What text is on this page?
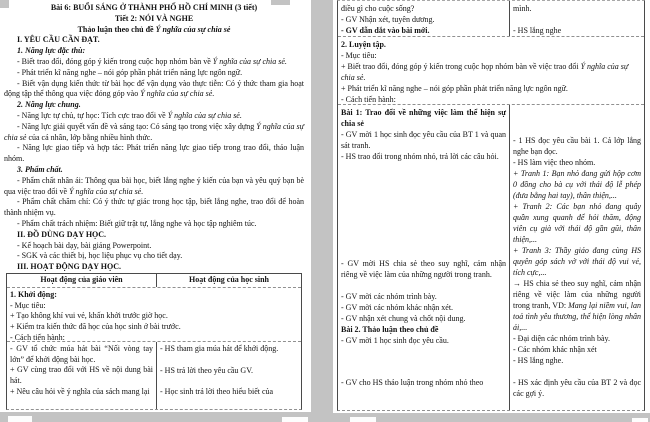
Bài 6: BUỔI SÁNG Ở THÀNH PHỐ HỒ CHÍ MINH (3 tiết)

Tiết 2: NÓI VÀ NGHE

Thảo luận theo chủ đề Ý nghĩa của sự chia sẻ

I. YÊU CẦU CẦN ĐẠT.

1. Năng lực đặc thù:

- Biết trao đổi, đóng góp ý kiến trong cuộc họp nhóm bàn về Ý nghĩa của sự chia sẻ.

- Phát triển kĩ năng nghe – nói góp phần phát triển năng lực ngôn ngữ.

- Biết vận dụng kiến thức từ bài học để vận dụng vào thực tiễn: Có ý thức tham gia hoạt động tập thể thông qua việc đóng góp vào Ý nghĩa của sự chia sẻ.

2. Năng lực chung.

- Năng lực tự chủ, tự học: Tích cực trao đổi về Ý nghĩa của sự chia sẻ.

- Năng lực giải quyết vấn đề và sáng tạo: Có sáng tạo trong việc xây dựng Ý nghĩa của sự chia sẻ của cá nhân, lớp bằng nhiều hình thức.

- Năng lực giao tiếp và hợp tác: Phát triển năng lực giao tiếp trong trao đổi, thảo luận nhóm.

3. Phẩm chất.

- Phẩm chất nhân ái: Thông qua bài học, biết lắng nghe ý kiến của bạn và yêu quý bạn bè qua việc trao đổi về Ý nghĩa của sự chia sẻ.

- Phẩm chất chăm chỉ: Có ý thức tự giác trong học tập, biết lắng nghe, trao đổi để hoàn thành nhiệm vụ.

- Phẩm chất trách nhiệm: Biết giữ trật tự, lắng nghe và học tập nghiêm túc.

II. ĐỒ DÙNG DẠY HỌC.

- Kế hoạch bài dạy, bài giảng Powerpoint.

- SGK và các thiết bị, học liệu phục vụ cho tiết dạy.

III. HOẠT ĐỘNG DẠY HỌC.

Hoạt động của giáo viên	Hoạt động của học sinh

1. Khởi động:

- Mục tiêu:

+ Tạo không khí vui vẻ, khấn khởi trước giờ học.

+ Kiểm tra kiến thức đã học của học sinh ở bài trước.

- Cách tiến hành:

- GV tổ chức múa hát bài “Nối vòng tay lớn” để khởi động bài học.

+ GV cùng trao đổi với HS về nội dung bài hát.

+ Nêu câu hỏi về ý nghĩa của sách mang lại

- HS tham gia múa hát để khởi động.

- HS trả lời theo yêu cầu GV.

- Học sinh trả lời theo hiểu biết của

điều gì cho cuộc sống?

- GV Nhận xét, tuyên dương.

- GV dẫn dắt vào bài mới.

mình.

- HS lắng nghe

2. Luyện tập.

- Mục tiêu:

+ Biết trao đổi, đóng góp ý kiến trong cuộc họp nhóm bàn về việc trao đổi Ý nghĩa của sự chia sẻ.

+ Phát triển kĩ năng nghe – nói góp phần phát triển năng lực ngôn ngữ.

- Cách tiến hành:

Bài 1: Trao đổi về những việc làm thể hiện sự chia sẻ

- GV mời 1 học sinh đọc yêu cầu của BT 1 và quan sát tranh.

- HS trao đổi trong nhóm nhỏ, trả lời các câu hỏi.

- GV mời HS chia sẻ theo suy nghĩ, cảm nhận riêng về việc làm của những người trong tranh.

- GV mời các nhóm trình bày.

- GV mời các nhóm khác nhận xét.

- GV nhận xét chung và chốt nội dung.

Bài 2. Thảo luận theo chủ đề

- GV mời 1 học sinh đọc yêu cầu.

- GV cho HS thảo luận trong nhóm nhỏ theo

- 1 HS đọc yêu cầu bài 1. Cả lớp lắng nghe bạn đọc.

- HS làm việc theo nhóm.

+ Tranh 1: Bạn nhỏ đang gửi hộp cơm 0 đồng cho bà cụ với thái độ lễ phép (đưa bằng hai tay), thân thiện,...

+ Tranh 2: Các bạn nhỏ đang quây quần xung quanh để hỏi thăm, động viên cụ già với thái độ gần gũi, thân thiện,...

+ Tranh 3: Thầy giáo đang cùng HS quyên góp sách vở với thái độ vui vẻ, tích cực,...

→ HS chia sẻ theo suy nghĩ, cảm nhận riêng về việc làm của những người trong tranh, VD: Mang lại niềm vui, lan toả tình yêu thương, thể hiện lòng nhân ái,...

- Đại diện các nhóm trình bày.

- Các nhóm khác nhận xét

- HS lắng nghe.

- HS xác định yêu cầu của BT 2 và đọc các gợi ý.
